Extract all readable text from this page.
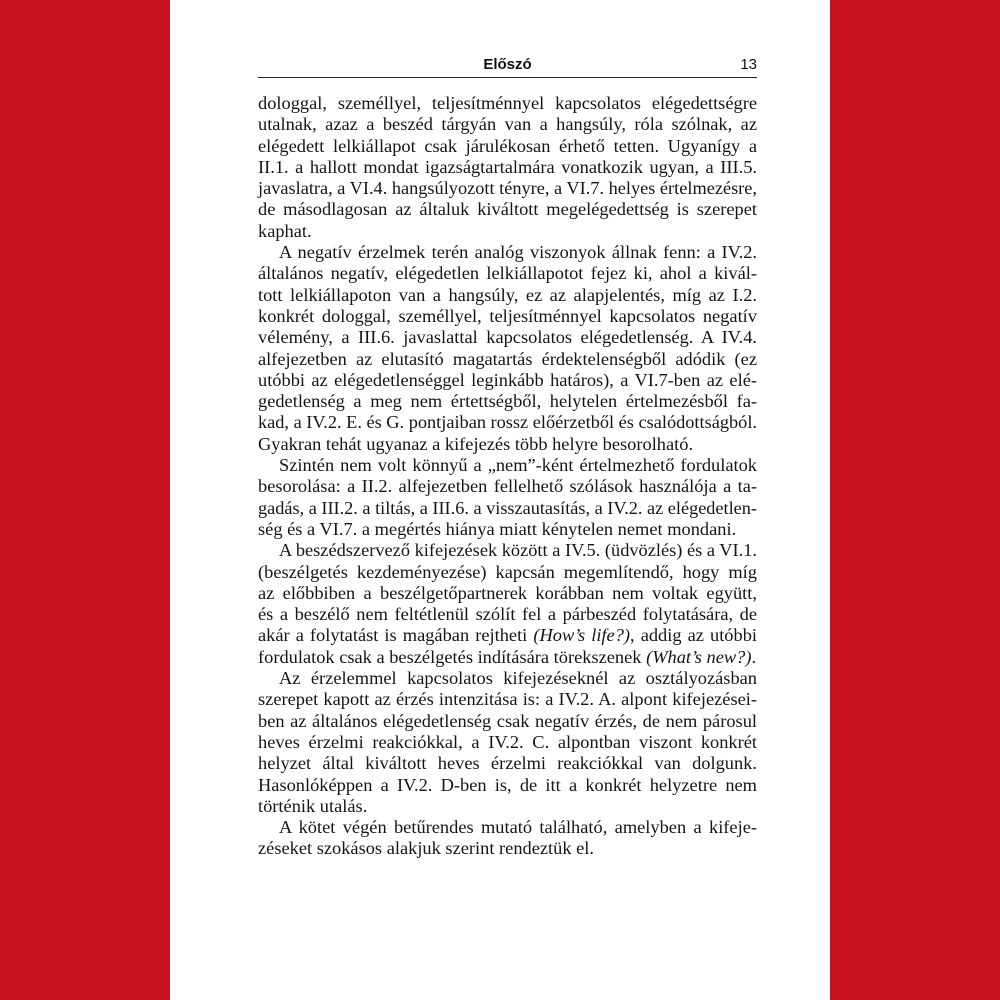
Előszó	13
dologgal, személlyel, teljesítménnyel kapcsolatos elégedettségre
utalnak, azaz a beszéd tárgyán van a hangsúly, róla szólnak, az
elégedett lelkiállapot csak járulékosan érhető tetten. Ugyanígy a
II.1. a hallott mondat igazságtartalmára vonatkozik ugyan, a III.5.
javaslatra, a VI.4. hangsúlyozott tényre, a VI.7. helyes értelmezésre,
de másodlagosan az általuk kiváltott megelégedettség is szerepet
kaphat.
A negatív érzelmek terén analóg viszonyok állnak fenn: a IV.2.
általános negatív, elégedetlen lelkiállapotot fejez ki, ahol a kivál-
tott lelkiállapoton van a hangsúly, ez az alapjelentés, míg az I.2.
konkrét dologgal, személlyel, teljesítménnyel kapcsolatos negatív
vélemény, a III.6. javaslattal kapcsolatos elégedetlenség. A IV.4.
alfejezetben az elutasító magatartás érdektelenségből adódik (ez
utóbbi az elégedetlenséggel leginkább határos), a VI.7-ben az elé-
gedetlenség a meg nem értettségből, helytelen értelmezésből fa-
kad, a IV.2. E. és G. pontjaiban rossz előérzetből és csalódottságból.
Gyakran tehát ugyanaz a kifejezés több helyre besorolható.
Szintén nem volt könnyű a „nem”-ként értelmezhető fordulatok
besorolása: a II.2. alfejezetben fellelhető szólások használója a ta-
gadás, a III.2. a tiltás, a III.6. a visszautasítás, a IV.2. az elégedetlen-
ség és a VI.7. a megértés hiánya miatt kénytelen nemet mondani.
A beszédszervező kifejezések között a IV.5. (üdvözlés) és a VI.1.
(beszélgetés kezdeményezése) kapcsán megemlítendő, hogy míg
az előbbiben a beszélgetőpartnerek korábban nem voltak együtt,
és a beszélő nem feltétlenül szólít fel a párbeszéd folytatására, de
akár a folytatást is magában rejtheti (How’s life?), addig az utóbbi
fordulatok csak a beszélgetés indítására törekszenek (What’s new?).
Az érzelemmel kapcsolatos kifejezéseknél az osztályozásban
szerepet kapott az érzés intenzitása is: a IV.2. A. alpont kifejezései-
ben az általános elégedetlenség csak negatív érzés, de nem párosul
heves érzelmi reakciókkal, a IV.2. C. alpontban viszont konkrét
helyzet által kiváltott heves érzelmi reakciókkal van dolgunk.
Hasonlóképpen a IV.2. D-ben is, de itt a konkrét helyzetre nem
történik utalás.
A kötet végén betűrendes mutató található, amelyben a kifeje-
zéseket szokásos alakjuk szerint rendeztük el.
